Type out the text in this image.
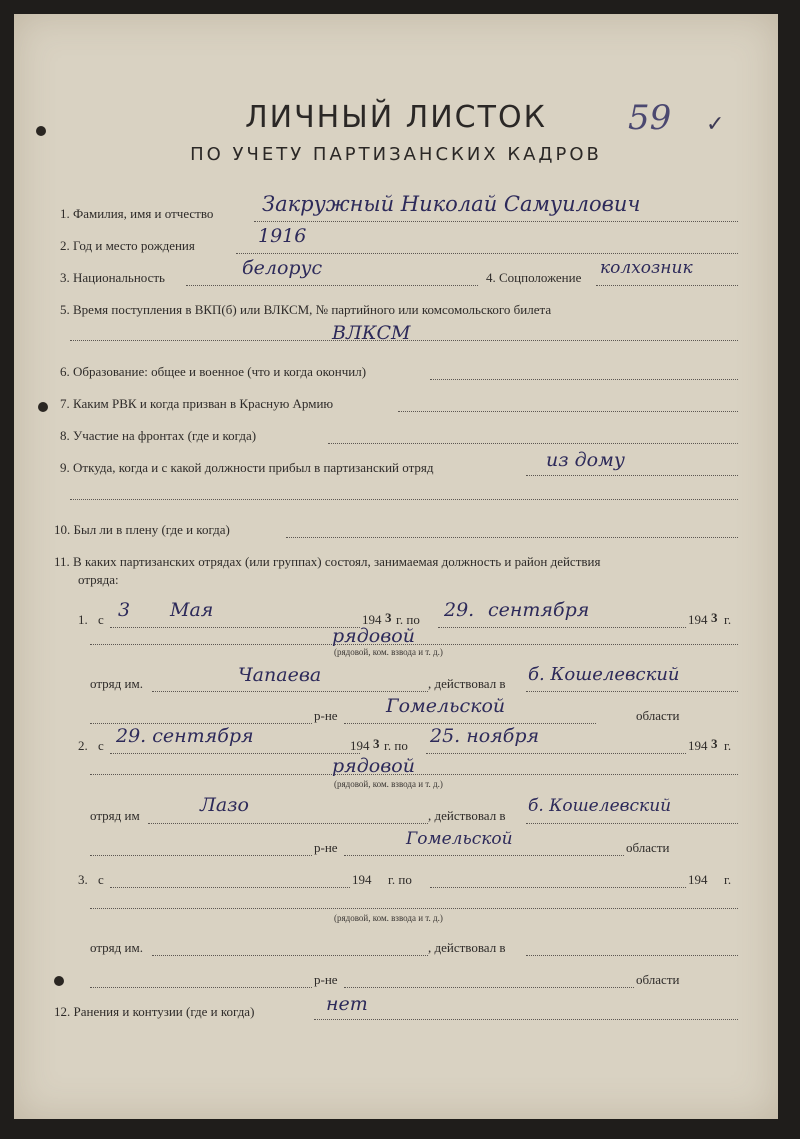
✓
59
ЛИЧНЫЙ ЛИСТОК
ПО УЧЕТУ ПАРТИЗАНСКИХ КАДРОВ
1. Фамилия, имя и отчество Закружный Николай Самуилович
2. Год и место рождения	1916
3. Национальность	белорус	4. Соцположение колхозник
5. Время поступления в ВКП(б) или ВЛКСМ, № партийного или комсомольского билета
ВЛКСМ
6. Образование: общее и военное (что и когда окончил)
7. Каким РВК и когда призван в Красную Армию
8. Участие на фронтах (где и когда)
9. Откуда, когда и с какой должности прибыл в партизанский отряд	из дому
10. Был ли в плену (где и когда)
11. В каких партизанских отрядах (или группах) состоял, занимаемая должность и район действия
отряда:
1. с 3 Мая	194 3 г. по 29. сентября	194 3 г.
рядовой
(рядовой, ком. взвода и т. д.)
отряд им.	Чапаева	, действовал в б. Кошелевский
р-не	Гомельской	области
2. с 29. сентября	194 3 г. по 25. ноября	194 3 г.
рядовой
(рядовой, ком. взвода и т. д.)
отряд им	Лазо	, действовал в б. Кошелевский
р-не	Гомельской	области
3. с	194 г. по	194 г.
(рядовой, ком. взвода и т. д.)
отряд им.	, действовал в
р-не	области
12. Ранения и контузии (где и когда)	нет
